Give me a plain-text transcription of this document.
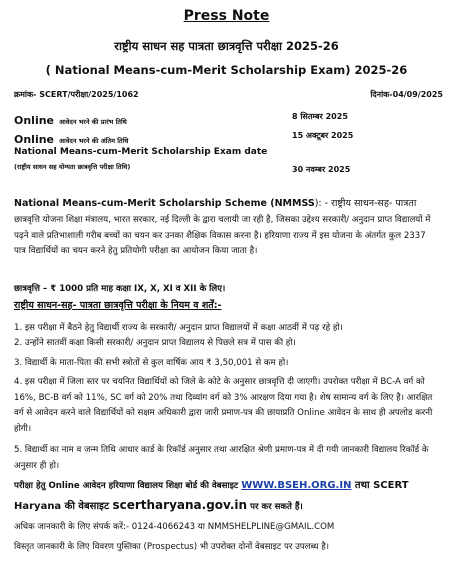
Press Note
राष्ट्रीय साधन सह पात्रता छात्रवृत्ति परीक्षा 2025-26
( National Means-cum-Merit Scholarship Exam) 2025-26
क्रमांक- SCERT/परीक्षा/2025/1062	दिनांक-04/09/2025
Online आवेदन भरने की प्रारंभ तिथि
8 सितम्बर 2025
Online आवेदन भरने की अंतिम तिथि
15 अक्टूबर 2025
National Means-cum-Merit Scholarship Exam date
(राष्ट्रीय साधन सह योग्यता छात्रवृत्ति परीक्षा तिथि)	30 नवम्बर 2025
National Means-cum-Merit Scholarship Scheme (NMMSS): - राष्ट्रीय साधन-सह- पात्रता
छात्रवृत्ति योजना शिक्षा मंत्रालय, भारत सरकार, नई दिल्ली के द्वारा चलायी जा रही है, जिसका उद्देश्य सरकारी/ अनुदान प्राप्त विद्यालयों में पढ़ने वाले प्रतिभाशाली गरीब बच्चों का चयन कर उनका शैक्षिक विकास करना है। हरियाणा राज्य में इस योजना के अंतर्गत कुल 2337 पात्र विद्यार्थियों का चयन करने हेतु प्रतियोगी परीक्षा का आयोजन किया जाता है।
छात्रवृत्ति – ₹ 1000 प्रति माह कक्षा IX, X, XI व XII के लिए।
राष्ट्रीय साधन-सह- पात्रता छात्रवृत्ति परीक्षा के नियम व शर्तें:-
1. इस परीक्षा में बैठने हेतु विद्यार्थी राज्य के सरकारी/ अनुदान प्राप्त विद्यालयों में कक्षा आठवीं में पढ़ रहे हो।
2. उन्होंने सातवीं कक्षा किसी सरकारी/ अनुदान प्राप्त विद्यालय से पिछले सत्र में पास की हो।
3. विद्यार्थी के माता-पिता की सभी स्त्रोतों से कुल वार्षिक आय ₹ 3,50,001 से कम हो।
4. इस परीक्षा में जिला स्तर पर चयनित विद्यार्थियों को जिले के कोटे के अनुसार छात्रवृत्ति दी जाएगी। उपरोक्त परीक्षा में BC-A वर्ग को 16%, BC-B वर्ग को 11%, SC वर्ग को 20% तथा दिव्यांग वर्ग को 3% आरक्षण दिया गया है। शेष सामान्य वर्ग के लिए है। आरक्षित वर्ग से आवेदन करने वाले विद्यार्थियों को सक्षम अधिकारी द्वारा जारी प्रमाण-पत्र की छायाप्रति Online आवेदन के साथ ही अपलोड करनी होगी।
5. विद्यार्थी का नाम व जन्म तिथि आधार कार्ड के रिकॉर्ड अनुसार तथा आरक्षित श्रेणी प्रमाण-पत्र में दी गयी जानकारी विद्यालय रिकॉर्ड के अनुसार ही हो।
परीक्षा हेतु Online आवेदन हरियाणा विद्यालय शिक्षा बोर्ड की वेबसाइट WWW.BSEH.ORG.IN तथा SCERT
Haryana की वेबसाइट scertharyana.gov.in पर कर सकते हैं।
अधिक जानकारी के लिए संपर्क करें:- 0124-4066243 या NMMSHELPLINE@GMAIL.COM
विस्तृत जानकारी के लिए विवरण पुस्तिका (Prospectus) भी उपरोक्त दोनों वेबसाइट पर उपलब्ध है।
